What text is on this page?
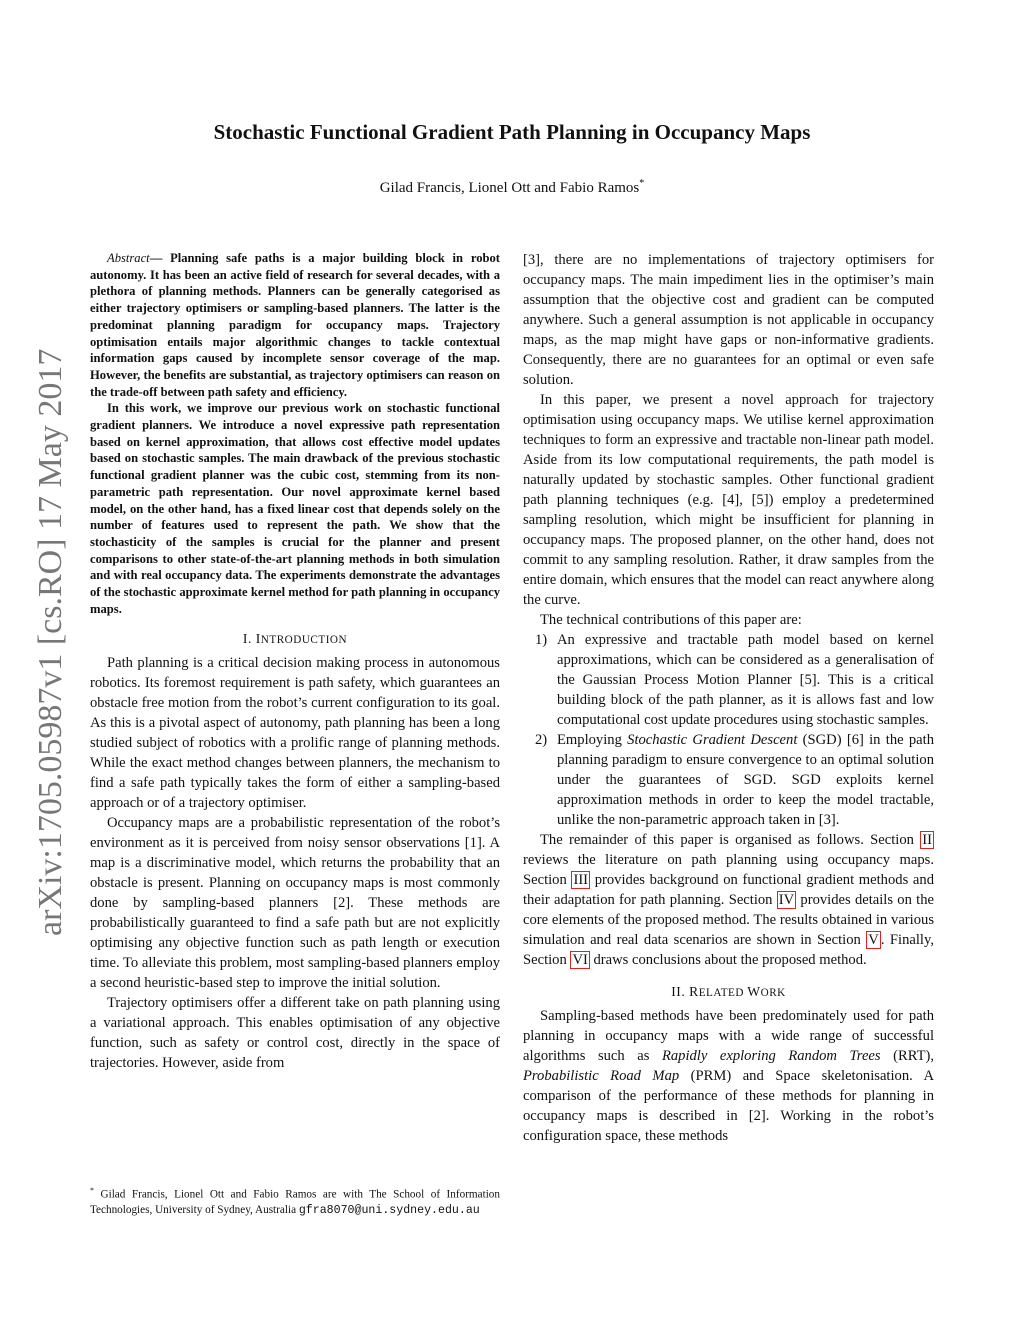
arXiv:1705.05987v1 [cs.RO] 17 May 2017
Stochastic Functional Gradient Path Planning in Occupancy Maps
Gilad Francis, Lionel Ott and Fabio Ramos*

Abstract— Planning safe paths is a major building block in robot autonomy. It has been an active field of research for several decades, with a plethora of planning methods. Planners can be generally categorised as either trajectory optimisers or sampling-based planners. The latter is the predominat planning paradigm for occupancy maps. Trajectory optimisation entails major algorithmic changes to tackle contextual information gaps caused by incomplete sensor coverage of the map. However, the benefits are substantial, as trajectory optimisers can reason on the trade-off between path safety and efficiency.

In this work, we improve our previous work on stochastic functional gradient planners. We introduce a novel expressive path representation based on kernel approximation, that allows cost effective model updates based on stochastic samples. The main drawback of the previous stochastic functional gradient planner was the cubic cost, stemming from its non-parametric path representation. Our novel approximate kernel based model, on the other hand, has a fixed linear cost that depends solely on the number of features used to represent the path. We show that the stochasticity of the samples is crucial for the planner and present comparisons to other state-of-the-art planning methods in both simulation and with real occupancy data. The experiments demonstrate the advantages of the stochastic approximate kernel method for path planning in occupancy maps.

I. INTRODUCTION

Path planning is a critical decision making process in autonomous robotics. Its foremost requirement is path safety, which guarantees an obstacle free motion from the robot’s current configuration to its goal. As this is a pivotal aspect of autonomy, path planning has been a long studied subject of robotics with a prolific range of planning methods. While the exact method changes between planners, the mechanism to find a safe path typically takes the form of either a sampling-based approach or of a trajectory optimiser.

Occupancy maps are a probabilistic representation of the robot’s environment as it is perceived from noisy sensor observations [1]. A map is a discriminative model, which returns the probability that an obstacle is present. Planning on occupancy maps is most commonly done by sampling-based planners [2]. These methods are probabilistically guaranteed to find a safe path but are not explicitly optimising any objective function such as path length or execution time. To alleviate this problem, most sampling-based planners employ a second heuristic-based step to improve the initial solution.

Trajectory optimisers offer a different take on path planning using a variational approach. This enables optimisation of any objective function, such as safety or control cost, directly in the space of trajectories. However, aside from

* Gilad Francis, Lionel Ott and Fabio Ramos are with The School of Information Technologies, University of Sydney, Australia gfra8070@uni.sydney.edu.au

[3], there are no implementations of trajectory optimisers for occupancy maps. The main impediment lies in the optimiser’s main assumption that the objective cost and gradient can be computed anywhere. Such a general assumption is not applicable in occupancy maps, as the map might have gaps or non-informative gradients. Consequently, there are no guarantees for an optimal or even safe solution.

In this paper, we present a novel approach for trajectory optimisation using occupancy maps. We utilise kernel approximation techniques to form an expressive and tractable non-linear path model. Aside from its low computational requirements, the path model is naturally updated by stochastic samples. Other functional gradient path planning techniques (e.g. [4], [5]) employ a predetermined sampling resolution, which might be insufficient for planning in occupancy maps. The proposed planner, on the other hand, does not commit to any sampling resolution. Rather, it draw samples from the entire domain, which ensures that the model can react anywhere along the curve.

The technical contributions of this paper are:

1) An expressive and tractable path model based on kernel approximations, which can be considered as a generalisation of the Gaussian Process Motion Planner [5]. This is a critical building block of the path planner, as it is allows fast and low computational cost update procedures using stochastic samples.
2) Employing Stochastic Gradient Descent (SGD) [6] in the path planning paradigm to ensure convergence to an optimal solution under the guarantees of SGD. SGD exploits kernel approximation methods in order to keep the model tractable, unlike the non-parametric approach taken in [3].

The remainder of this paper is organised as follows. Section II reviews the literature on path planning using occupancy maps. Section III provides background on functional gradient methods and their adaptation for path planning. Section IV provides details on the core elements of the proposed method. The results obtained in various simulation and real data scenarios are shown in Section V . Finally, Section VI draws conclusions about the proposed method.

II. RELATED WORK

Sampling-based methods have been predominately used for path planning in occupancy maps with a wide range of successful algorithms such as Rapidly exploring Random Trees (RRT), Probabilistic Road Map (PRM) and Space skeletonisation. A comparison of the performance of these methods for planning in occupancy maps is described in [2]. Working in the robot’s configuration space, these methods
